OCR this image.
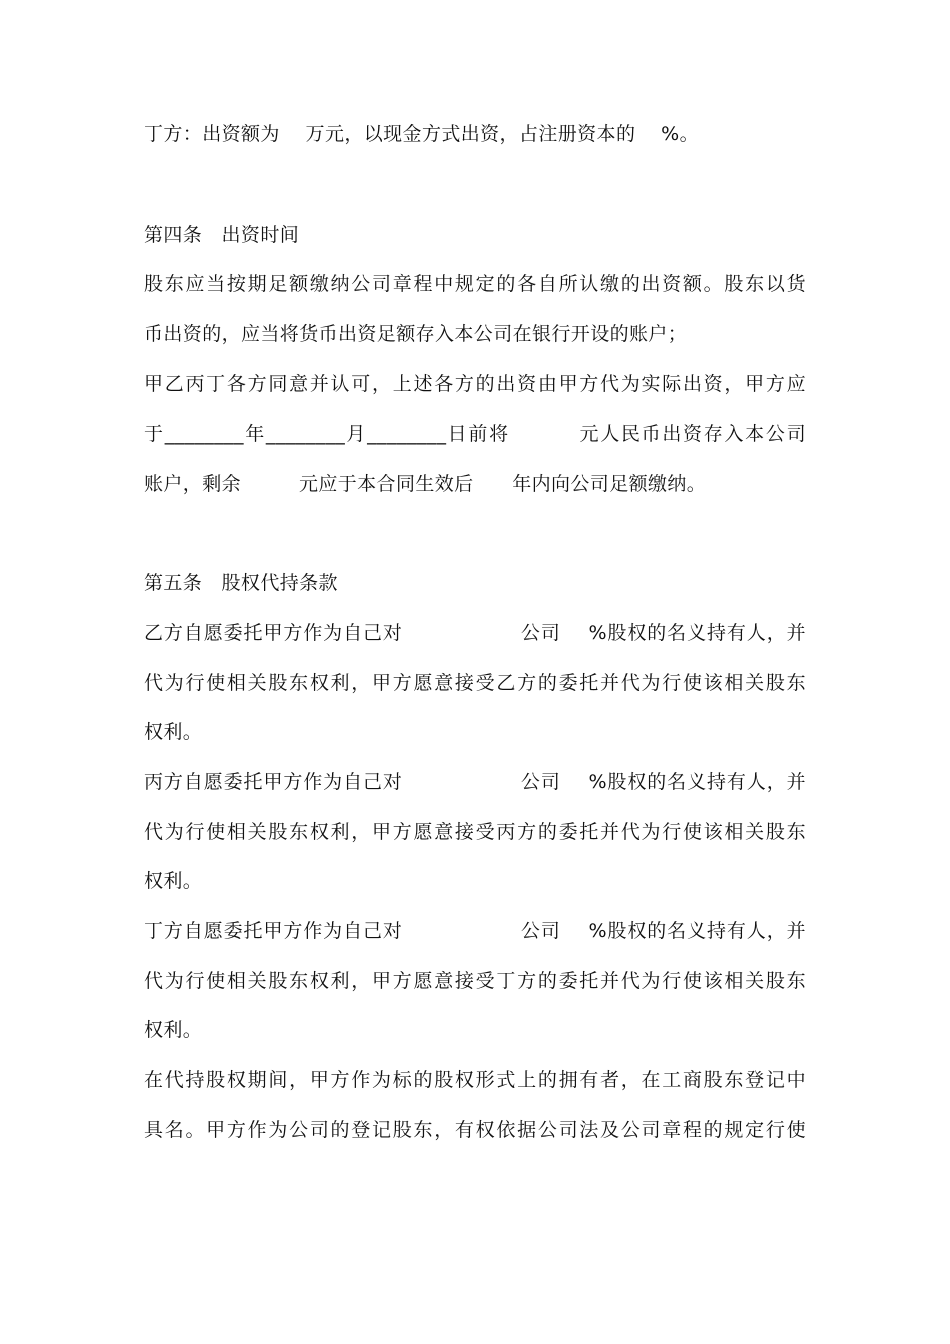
丁方：出资额为    万元，以现金方式出资，占注册资本的    %。
第四条   出资时间
股东应当按期足额缴纳公司章程中规定的各自所认缴的出资额。股东以货
币出资的，应当将货币出资足额存入本公司在银行开设的账户；
甲乙丙丁各方同意并认可，上述各方的出资由甲方代为实际出资，甲方应
于________年________月________日前将         元人民币出资存入本公司
账户，剩余         元应于本合同生效后      年内向公司足额缴纳。
第五条   股权代持条款
乙方自愿委托甲方作为自己对                 公司    %股权的名义持有人，并
代为行使相关股东权利，甲方愿意接受乙方的委托并代为行使该相关股东
权利。
丙方自愿委托甲方作为自己对                 公司    %股权的名义持有人，并
代为行使相关股东权利，甲方愿意接受丙方的委托并代为行使该相关股东
权利。
丁方自愿委托甲方作为自己对                 公司    %股权的名义持有人，并
代为行使相关股东权利，甲方愿意接受丁方的委托并代为行使该相关股东
权利。
在代持股权期间，甲方作为标的股权形式上的拥有者，在工商股东登记中
具名。甲方作为公司的登记股东，有权依据公司法及公司章程的规定行使
